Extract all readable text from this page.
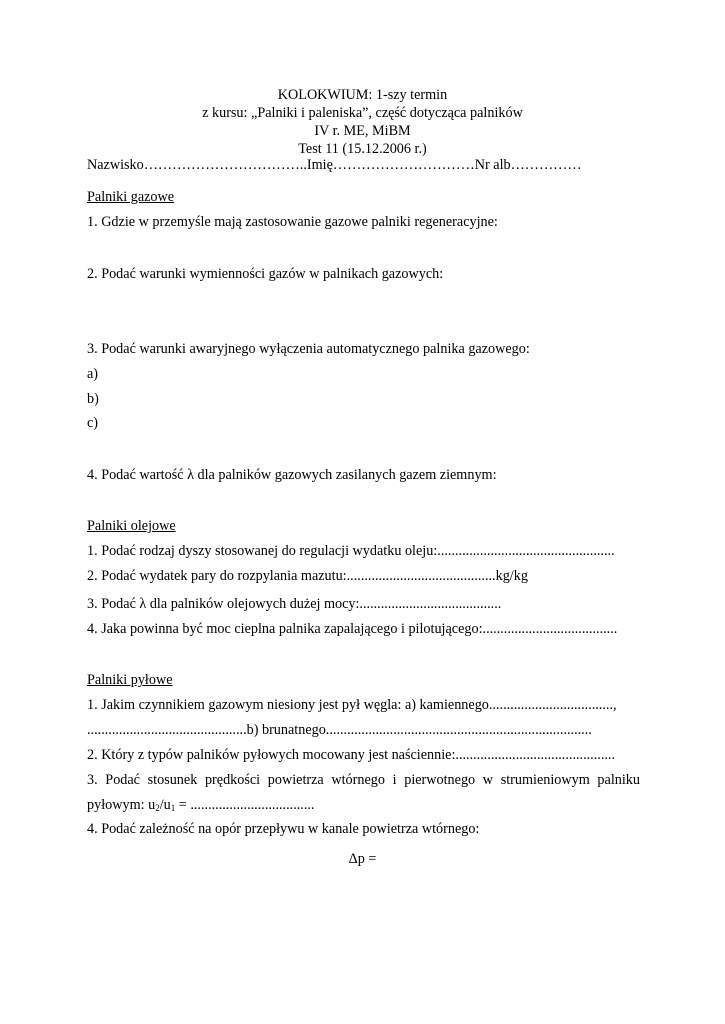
KOLOKWIUM: 1-szy termin
z kursu: „Palniki i paleniska”, część dotycząca palników
IV r. ME, MiBM
Test 11 (15.12.2006 r.)
Nazwisko……………………………..Imię…………………………Nr alb……………
Palniki gazowe
1. Gdzie w przemyśle mają zastosowanie gazowe palniki regeneracyjne:
2. Podać warunki wymienności gazów w palnikach gazowych:
3. Podać warunki awaryjnego wyłączenia automatycznego palnika gazowego:
a)
b)
c)
4. Podać wartość λ dla palników gazowych zasilanych gazem ziemnym:
Palniki olejowe
1. Podać rodzaj dyszy stosowanej do regulacji wydatku oleju:..................................................
2. Podać wydatek pary do rozpylania mazutu:..........................................kg/kg
3. Podać λ dla palników olejowych dużej mocy:........................................
4. Jaka powinna być moc cieplna palnika zapalającego i pilotującego:......................................
Palniki pyłowe
1. Jakim czynnikiem gazowym niesiony jest pył węgla: a) kamiennego...................................,
.............................................b) brunatnego...........................................................................
2. Który z typów palników pyłowych mocowany jest naściennie:.............................................
3. Podać stosunek prędkości powietrza wtórnego i pierwotnego w strumieniowym palniku
pyłowym: $u_2/u_1$ = ...................................
4. Podać zależność na opór przepływu w kanale powietrza wtórnego:
Δp =
